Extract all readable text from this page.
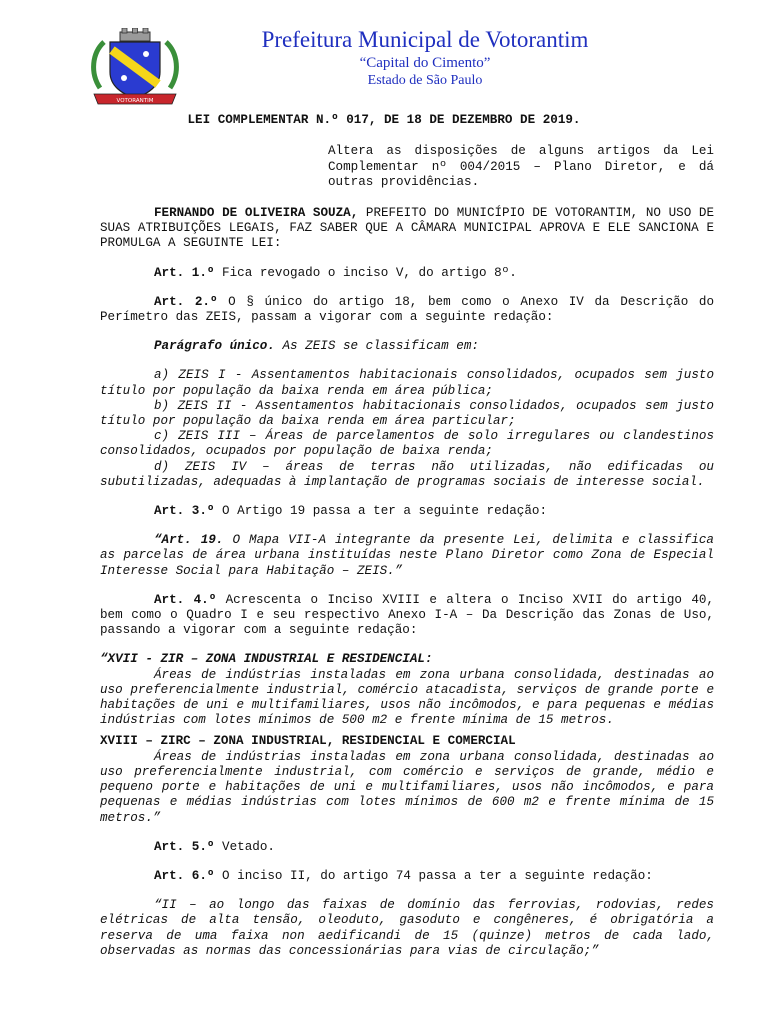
VOTORANTIM
Prefeitura Municipal de Votorantim
“Capital do Cimento”
Estado de São Paulo
LEI COMPLEMENTAR N.º 017, DE 18 DE DEZEMBRO DE 2019.
Altera as disposições de alguns artigos da Lei Complementar nº 004/2015 – Plano Diretor, e dá outras providências.

FERNANDO DE OLIVEIRA SOUZA, PREFEITO DO MUNICÍPIO DE VOTORANTIM, NO USO DE SUAS ATRIBUIÇÕES LEGAIS, FAZ SABER QUE A CÂMARA MUNICIPAL APROVA E ELE SANCIONA E PROMULGA A SEGUINTE LEI:

Art. 1.º Fica revogado o inciso V, do artigo 8º.

Art. 2.º O § único do artigo 18, bem como o Anexo IV da Descrição do Perímetro das ZEIS, passam a vigorar com a seguinte redação:

Parágrafo único. As ZEIS se classificam em:

a) ZEIS I - Assentamentos habitacionais consolidados, ocupados sem justo título por população da baixa renda em área pública;

b) ZEIS II - Assentamentos habitacionais consolidados, ocupados sem justo título por população da baixa renda em área particular;

c) ZEIS III – Áreas de parcelamentos de solo irregulares ou clandestinos consolidados, ocupados por população de baixa renda;

d) ZEIS IV – áreas de terras não utilizadas, não edificadas ou subutilizadas, adequadas à implantação de programas sociais de interesse social.

Art. 3.º O Artigo 19 passa a ter a seguinte redação:

“Art. 19. O Mapa VII-A integrante da presente Lei, delimita e classifica as parcelas de área urbana instituídas neste Plano Diretor como Zona de Especial Interesse Social para Habitação – ZEIS.”

Art. 4.º Acrescenta o Inciso XVIII e altera o Inciso XVII do artigo 40, bem como o Quadro I e seu respectivo Anexo I-A – Da Descrição das Zonas de Uso, passando a vigorar com a seguinte redação:

“XVII - ZIR – ZONA INDUSTRIAL E RESIDENCIAL:

Áreas de indústrias instaladas em zona urbana consolidada, destinadas ao uso preferencialmente industrial, comércio atacadista, serviços de grande porte e habitações de uni e multifamiliares, usos não incômodos, e para pequenas e médias indústrias com lotes mínimos de 500 m2 e frente mínima de 15 metros.

XVIII – ZIRC – ZONA INDUSTRIAL, RESIDENCIAL E COMERCIAL

Áreas de indústrias instaladas em zona urbana consolidada, destinadas ao uso preferencialmente industrial, com comércio e serviços de grande, médio e pequeno porte e habitações de uni e multifamiliares, usos não incômodos, e para pequenas e médias indústrias com lotes mínimos de 600 m2 e frente mínima de 15 metros.”

Art. 5.º Vetado.

Art. 6.º O inciso II, do artigo 74 passa a ter a seguinte redação:

“II – ao longo das faixas de domínio das ferrovias, rodovias, redes elétricas de alta tensão, oleoduto, gasoduto e congêneres, é obrigatória a reserva de uma faixa non aedificandi de 15 (quinze) metros de cada lado, observadas as normas das concessionárias para vias de circulação;”
